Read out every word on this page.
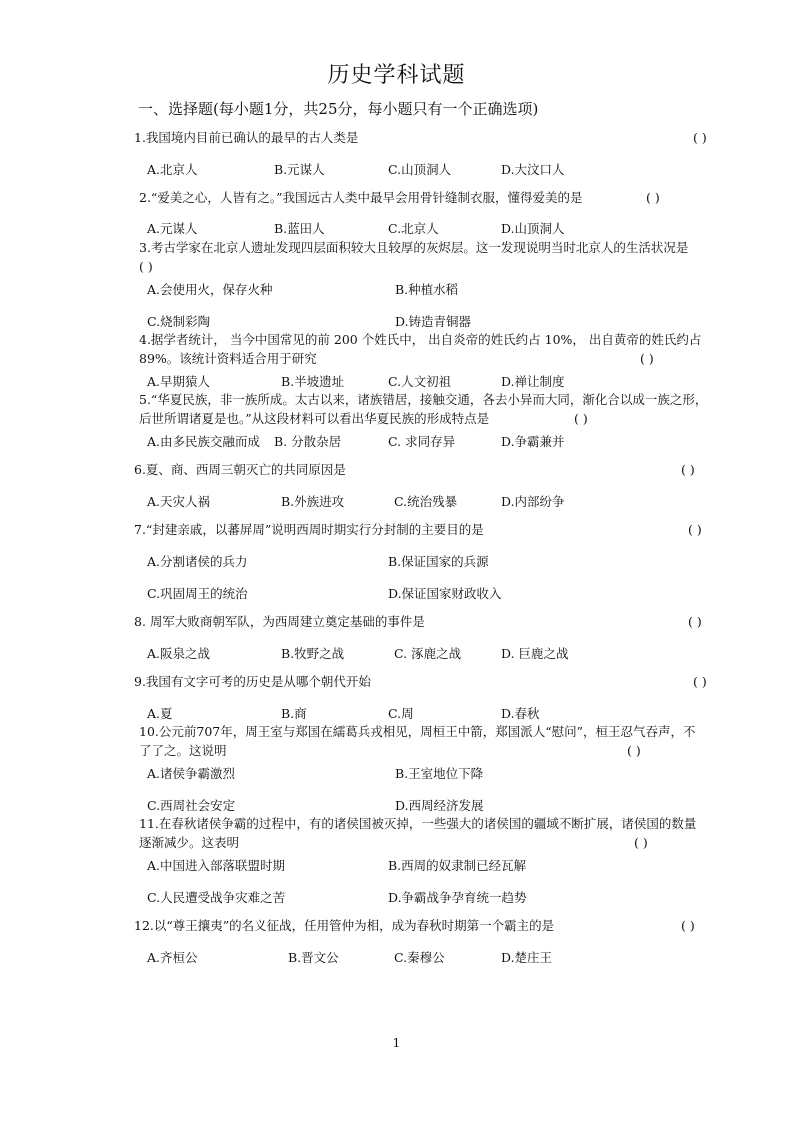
历史学科试题
一、选择题(每小题1分，共25分，每小题只有一个正确选项)
1.我国境内目前已确认的最早的古人类是	( )
A.北京人	B.元谋人	C.山顶洞人	D.大汶口人
2.“爱美之心，人皆有之。”我国远古人类中最早会用骨针缝制衣服，懂得爱美的是	( )
A.元谋人	B.蓝田人	C.北京人	D.山顶洞人
3.考古学家在北京人遗址发现四层面积较大且较厚的灰烬层。这一发现说明当时北京人的生活状况是
( )
A.会使用火，保存火种	B.种植水稻
C.烧制彩陶	D.铸造青铜器
4.据学者统计， 当今中国常见的前 200 个姓氏中， 出自炎帝的姓氏约占 10%， 出自黄帝的姓氏约占
89%。该统计资料适合用于研究	( )
A.早期猿人	B.半坡遗址	C.人文初祖	D.禅让制度
5.“华夏民族，非一族所成。太古以来，诸族错居，接触交通，各去小异而大同，渐化合以成一族之形，
后世所谓诸夏是也。”从这段材料可以看出华夏民族的形成特点是	( )
A.由多民族交融而成 B. 分散杂居	C. 求同存异	D.争霸兼并
6.夏、商、西周三朝灭亡的共同原因是	( )
A.天灾人祸	B.外族进攻	C.统治残暴	D.内部纷争
7.“封建亲戚，以蕃屏周”说明西周时期实行分封制的主要目的是	( )
A.分割诸侯的兵力	B.保证国家的兵源
C.巩固周王的统治	D.保证国家财政收入
8. 周军大败商朝军队，为西周建立奠定基础的事件是	( )
A.阪泉之战	B.牧野之战	C. 涿鹿之战	D. 巨鹿之战
9.我国有文字可考的历史是从哪个朝代开始	( )
A.夏	B.商	C.周	D.春秋
10.公元前707年，周王室与郑国在繻葛兵戎相见，周桓王中箭，郑国派人“慰问”，桓王忍气吞声，不
了了之。这说明	( )
A.诸侯争霸激烈	B.王室地位下降
C.西周社会安定	D.西周经济发展
11.在春秋诸侯争霸的过程中，有的诸侯国被灭掉，一些强大的诸侯国的疆域不断扩展，诸侯国的数量
逐渐减少。这表明	( )
A.中国进入部落联盟时期	B.西周的奴隶制已经瓦解
C.人民遭受战争灾难之苦	D.争霸战争孕育统一趋势
12.以“尊王攘夷”的名义征战，任用管仲为相，成为春秋时期第一个霸主的是	( )
A.齐桓公	B.晋文公	C.秦穆公	D.楚庄王
1
